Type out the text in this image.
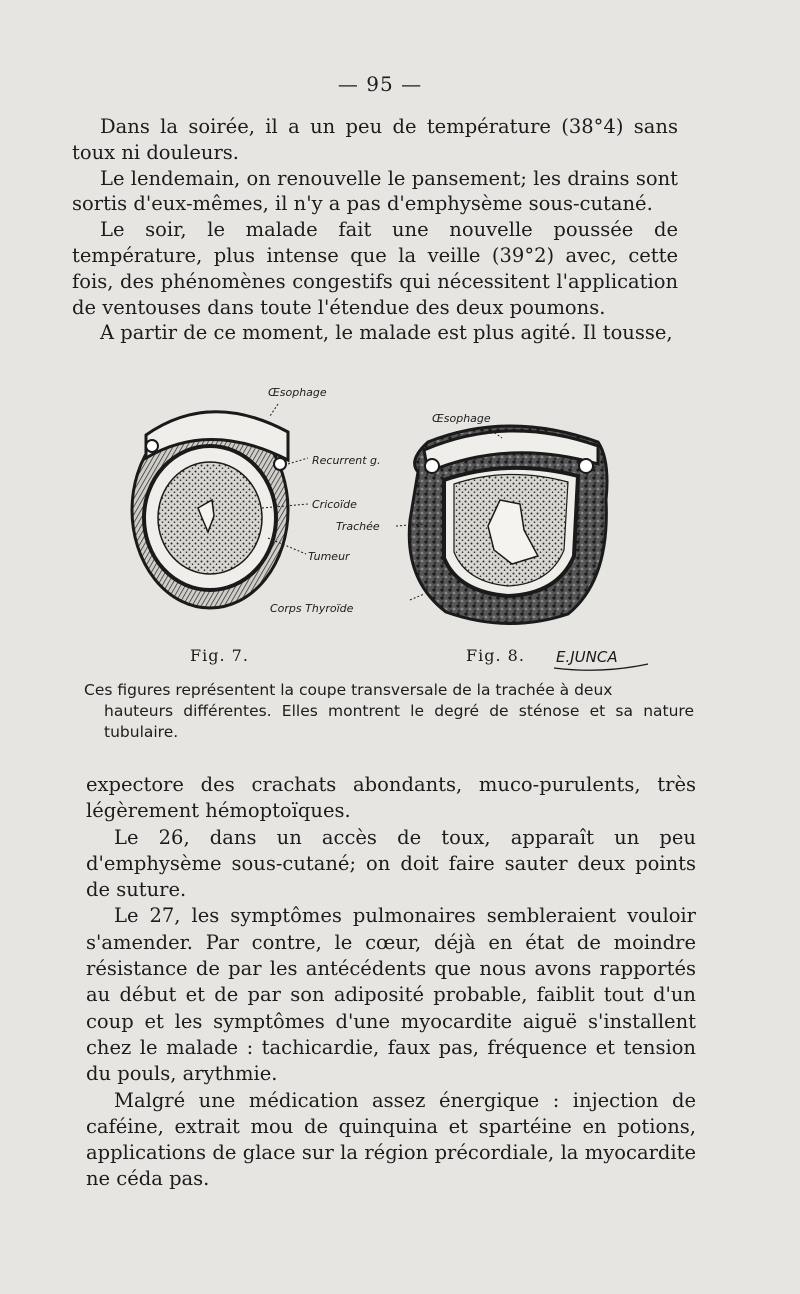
— 95 —

Dans la soirée, il a un peu de température (38°4) sans toux ni douleurs.

Le lendemain, on renouvelle le pansement; les drains sont sortis d'eux-mêmes, il n'y a pas d'emphysème sous-cutané.

Le soir, le malade fait une nouvelle poussée de température, plus intense que la veille (39°2) avec, cette fois, des phénomènes congestifs qui nécessitent l'application de ventouses dans toute l'étendue des deux poumons.

A partir de ce moment, le malade est plus agité. Il tousse,

Œsophage
Œsophage
Recurrent g.
Cricoïde
Trachée
Tumeur
Corps Thyroïde
Fig. 7.	Fig. 8. E.JUNCA
Ces figures représentent la coupe transversale de la trachée à deux
hauteurs différentes. Elles montrent le degré de sténose et sa nature tubulaire.

expectore des crachats abondants, muco-purulents, très légèrement hémoptoïques.

Le 26, dans un accès de toux, apparaît un peu d'emphysème sous-cutané; on doit faire sauter deux points de suture.

Le 27, les symptômes pulmonaires sembleraient vouloir s'amender. Par contre, le cœur, déjà en état de moindre résistance de par les antécédents que nous avons rapportés au début et de par son adiposité probable, faiblit tout d'un coup et les symptômes d'une myocardite aiguë s'installent chez le malade : tachicardie, faux pas, fréquence et tension du pouls, arythmie.

Malgré une médication assez énergique : injection de caféine, extrait mou de quinquina et spartéine en potions, applications de glace sur la région précordiale, la myocardite ne céda pas.
